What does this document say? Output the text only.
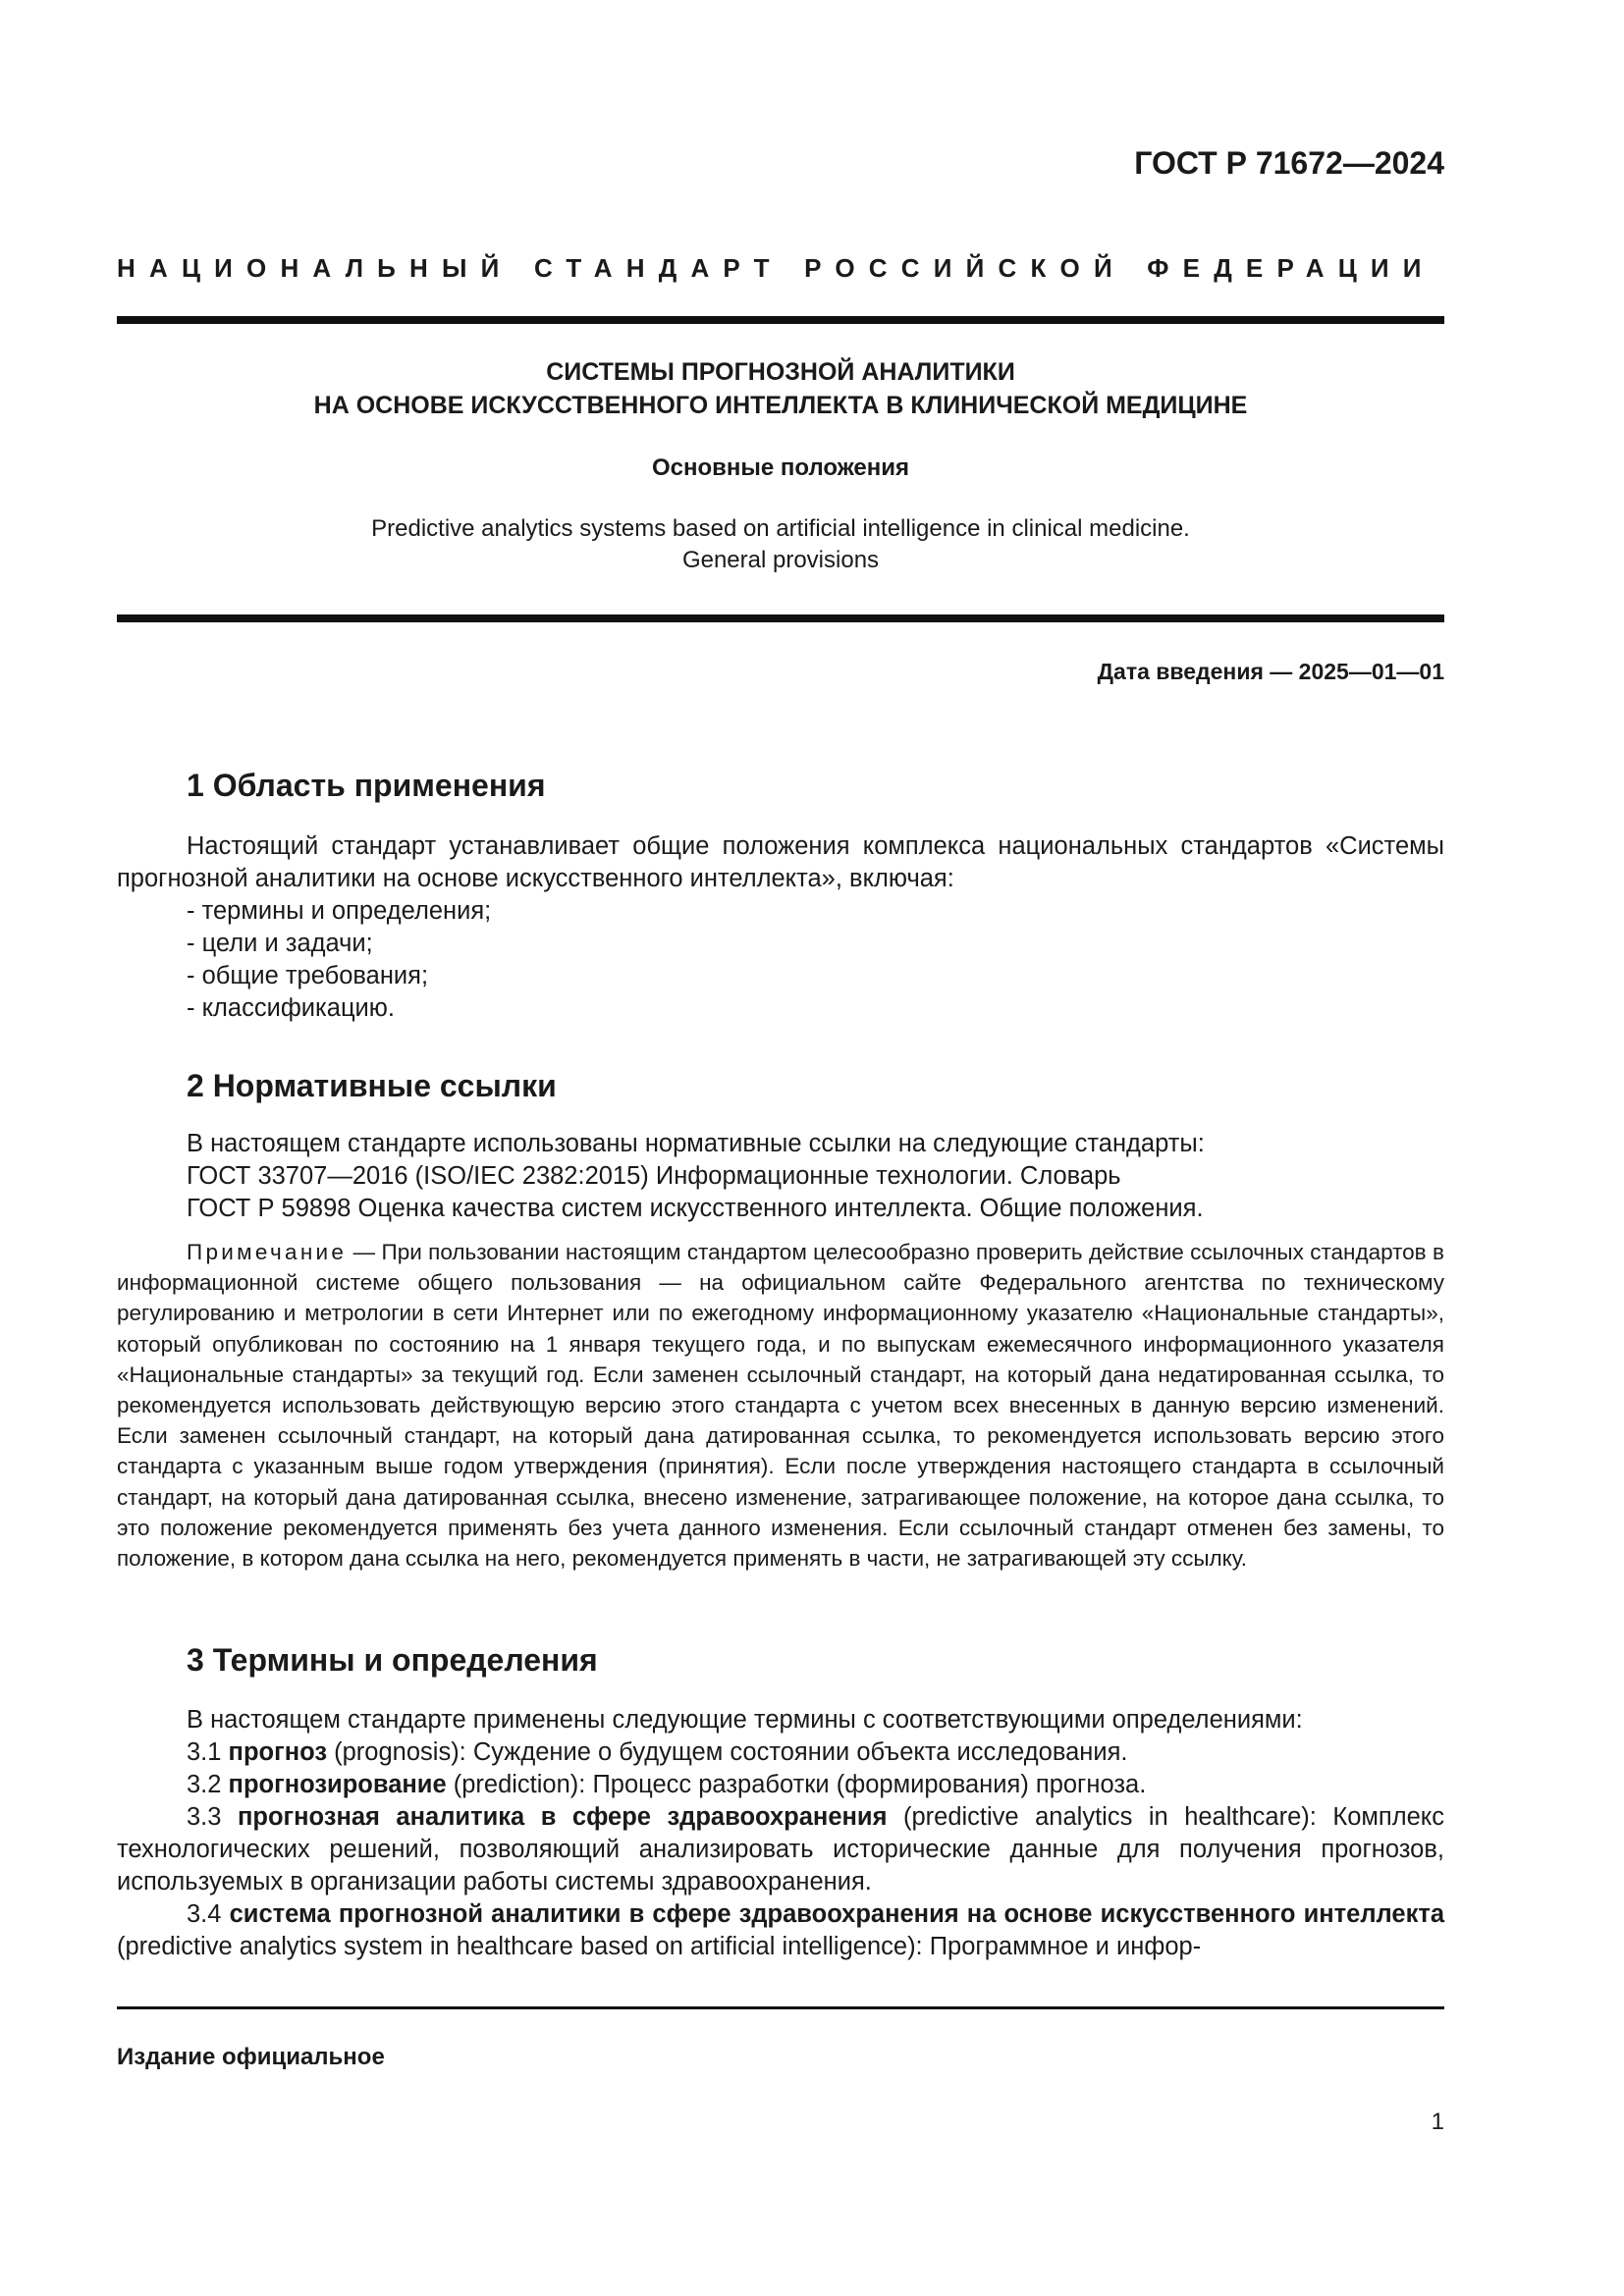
ГОСТ Р 71672—2024
НАЦИОНАЛЬНЫЙ СТАНДАРТ РОССИЙСКОЙ ФЕДЕРАЦИИ
СИСТЕМЫ ПРОГНОЗНОЙ АНАЛИТИКИ
НА ОСНОВЕ ИСКУССТВЕННОГО ИНТЕЛЛЕКТА В КЛИНИЧЕСКОЙ МЕДИЦИНЕ
Основные положения
Predictive analytics systems based on artificial intelligence in clinical medicine.
General provisions
Дата введения — 2025—01—01
1 Область применения

Настоящий стандарт устанавливает общие положения комплекса национальных стандартов «Системы прогнозной аналитики на основе искусственного интеллекта», включая:

- термины и определения;
- цели и задачи;
- общие требования;
- классификацию.
2 Нормативные ссылки
В настоящем стандарте использованы нормативные ссылки на следующие стандарты:
ГОСТ 33707—2016 (ISO/IEC 2382:2015) Информационные технологии. Словарь
ГОСТ Р 59898 Оценка качества систем искусственного интеллекта. Общие положения.
Примечание — При пользовании настоящим стандартом целесообразно проверить действие ссылочных стандартов в информационной системе общего пользования — на официальном сайте Федерального агентства по техническому регулированию и метрологии в сети Интернет или по ежегодному информационному указателю «Национальные стандарты», который опубликован по состоянию на 1 января текущего года, и по выпускам ежемесячного информационного указателя «Национальные стандарты» за текущий год. Если заменен ссылочный стандарт, на который дана недатированная ссылка, то рекомендуется использовать действующую версию этого стандарта с учетом всех внесенных в данную версию изменений. Если заменен ссылочный стандарт, на который дана датированная ссылка, то рекомендуется использовать версию этого стандарта с указанным выше годом утверждения (принятия). Если после утверждения настоящего стандарта в ссылочный стандарт, на который дана датированная ссылка, внесено изменение, затрагивающее положение, на которое дана ссылка, то это положение рекомендуется применять без учета данного изменения. Если ссылочный стандарт отменен без замены, то положение, в котором дана ссылка на него, рекомендуется применять в части, не затрагивающей эту ссылку.
3 Термины и определения
В настоящем стандарте применены следующие термины с соответствующими определениями:

3.1 прогноз (prognosis): Суждение о будущем состоянии объекта исследования.

3.2 прогнозирование (prediction): Процесс разработки (формирования) прогноза.

3.3 прогнозная аналитика в сфере здравоохранения (predictive analytics in healthcare): Комплекс технологических решений, позволяющий анализировать исторические данные для получения прогнозов, используемых в организации работы системы здравоохранения.

3.4 система прогнозной аналитики в сфере здравоохранения на основе искусственного интеллекта (predictive analytics system in healthcare based on artificial intelligence): Программное и инфор-

Издание официальное
1
